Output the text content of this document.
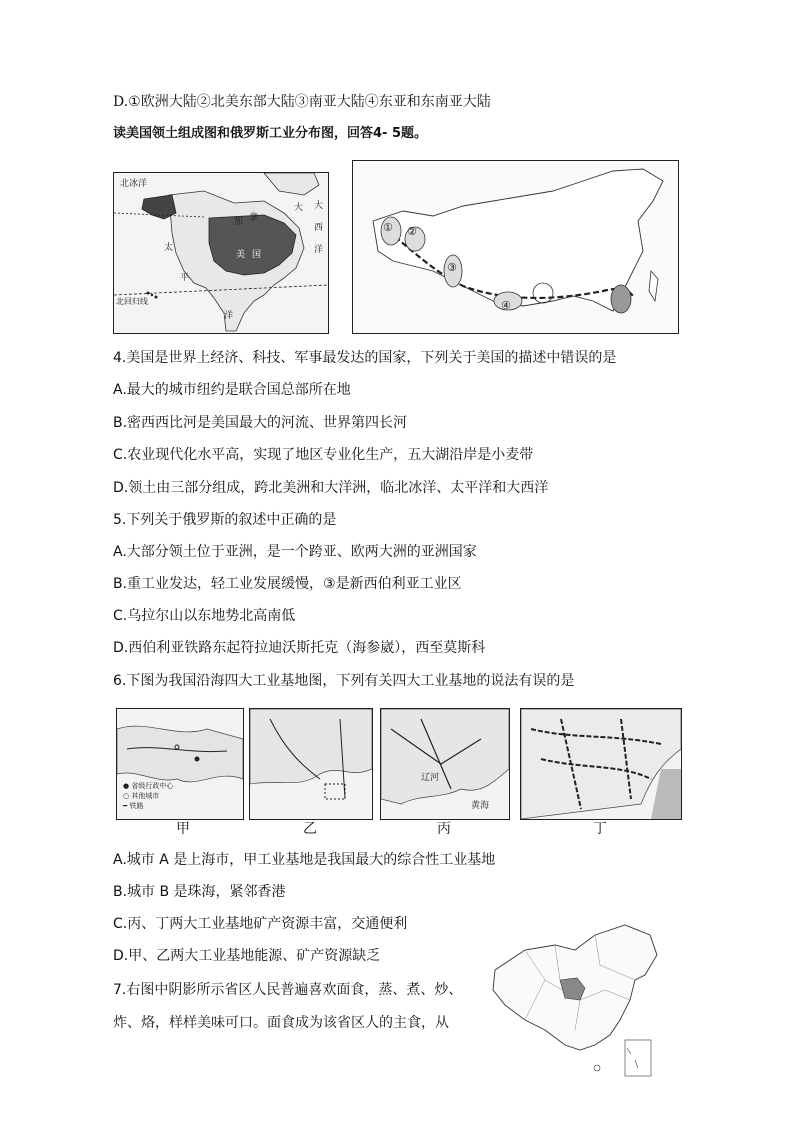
D.①欧洲大陆②北美东部大陆③南亚大陆④东亚和东南亚大陆
读美国领土组成图和俄罗斯工业分布图，回答4- 5题。
北冰洋
加 拿
大
美 国
大
西
洋
太
平
洋
北回归线
① ②
③
④
4.美国是世界上经济、科技、军事最发达的国家，下列关于美国的描述中错误的是
A.最大的城市纽约是联合国总部所在地
B.密西西比河是美国最大的河流、世界第四长河
C.农业现代化水平高，实现了地区专业化生产，五大湖沿岸是小麦带
D.领土由三部分组成，跨北美洲和大洋洲，临北冰洋、太平洋和大西洋
5.下列关于俄罗斯的叙述中正确的是
A.大部分领土位于亚洲，是一个跨亚、欧两大洲的亚洲国家
B.重工业发达，轻工业发展缓慢，③是新西伯利亚工业区
C.乌拉尔山以东地势北高南低
D.西伯利亚铁路东起符拉迪沃斯托克（海参崴），西至莫斯科
6.下图为我国沿海四大工业基地图，下列有关四大工业基地的说法有误的是
● 省级行政中心
○ 其他城市
━ 铁路
辽河
黄海
甲	乙	丙	丁
A.城市 A 是上海市，甲工业基地是我国最大的综合性工业基地
B.城市 B 是珠海，紧邻香港
C.丙、丁两大工业基地矿产资源丰富，交通便利
D.甲、乙两大工业基地能源、矿产资源缺乏
7.右图中阴影所示省区人民普遍喜欢面食，蒸、煮、炒、
炸、烙，样样美味可口。面食成为该省区人的主食，从
